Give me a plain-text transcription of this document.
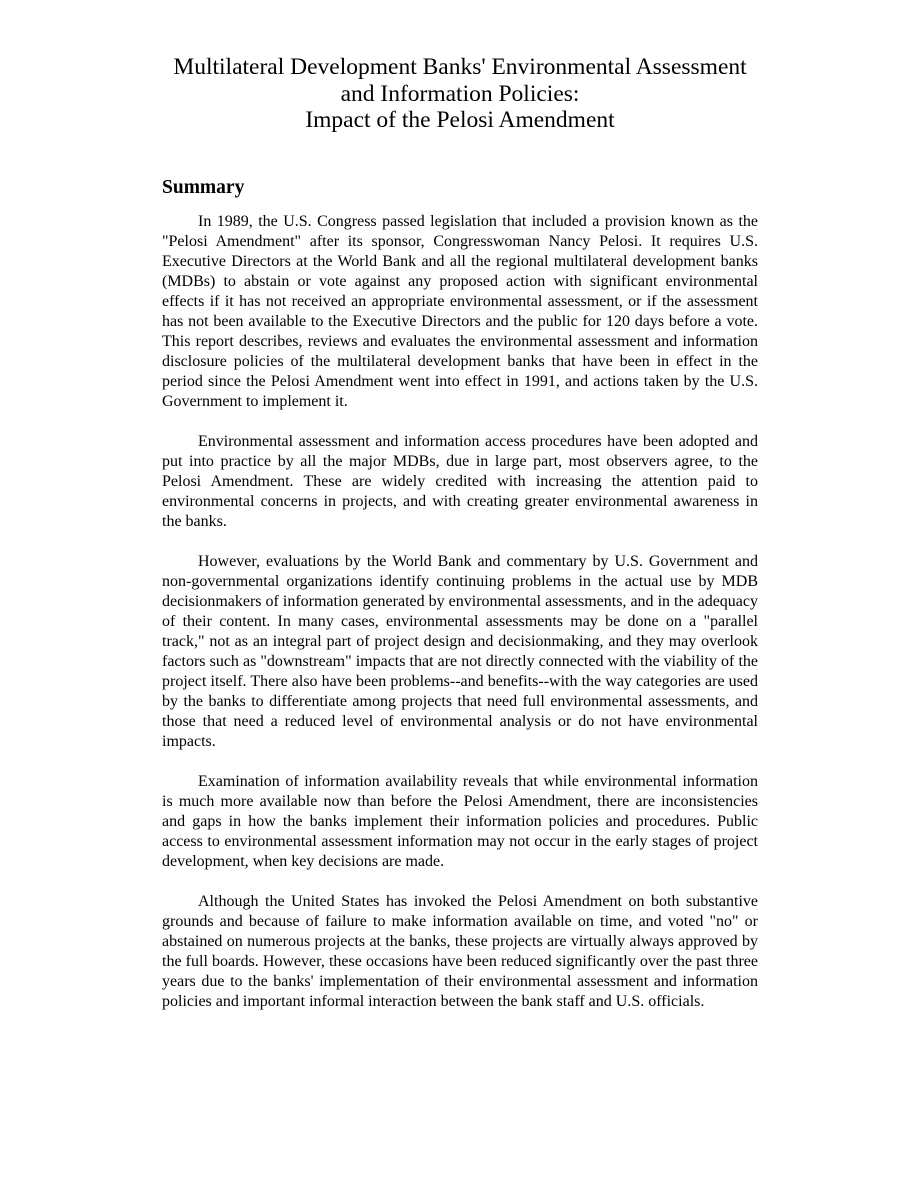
Multilateral Development Banks' Environmental Assessment
and Information Policies:
Impact of the Pelosi Amendment
Summary

In 1989, the U.S. Congress passed legislation that included a provision known as the "Pelosi Amendment" after its sponsor, Congresswoman Nancy Pelosi. It requires U.S. Executive Directors at the World Bank and all the regional multilateral development banks (MDBs) to abstain or vote against any proposed action with significant environmental effects if it has not received an appropriate environmental assessment, or if the assessment has not been available to the Executive Directors and the public for 120 days before a vote. This report describes, reviews and evaluates the environmental assessment and information disclosure policies of the multilateral development banks that have been in effect in the period since the Pelosi Amendment went into effect in 1991, and actions taken by the U.S. Government to implement it.

Environmental assessment and information access procedures have been adopted and put into practice by all the major MDBs, due in large part, most observers agree, to the Pelosi Amendment. These are widely credited with increasing the attention paid to environmental concerns in projects, and with creating greater environmental awareness in the banks.

However, evaluations by the World Bank and commentary by U.S. Government and non-governmental organizations identify continuing problems in the actual use by MDB decisionmakers of information generated by environmental assessments, and in the adequacy of their content. In many cases, environmental assessments may be done on a "parallel track," not as an integral part of project design and decisionmaking, and they may overlook factors such as "downstream" impacts that are not directly connected with the viability of the project itself. There also have been problems--and benefits--with the way categories are used by the banks to differentiate among projects that need full environmental assessments, and those that need a reduced level of environmental analysis or do not have environmental impacts.

Examination of information availability reveals that while environmental information is much more available now than before the Pelosi Amendment, there are inconsistencies and gaps in how the banks implement their information policies and procedures. Public access to environmental assessment information may not occur in the early stages of project development, when key decisions are made.

Although the United States has invoked the Pelosi Amendment on both substantive grounds and because of failure to make information available on time, and voted "no" or abstained on numerous projects at the banks, these projects are virtually always approved by the full boards. However, these occasions have been reduced significantly over the past three years due to the banks' implementation of their environmental assessment and information policies and important informal interaction between the bank staff and U.S. officials.
